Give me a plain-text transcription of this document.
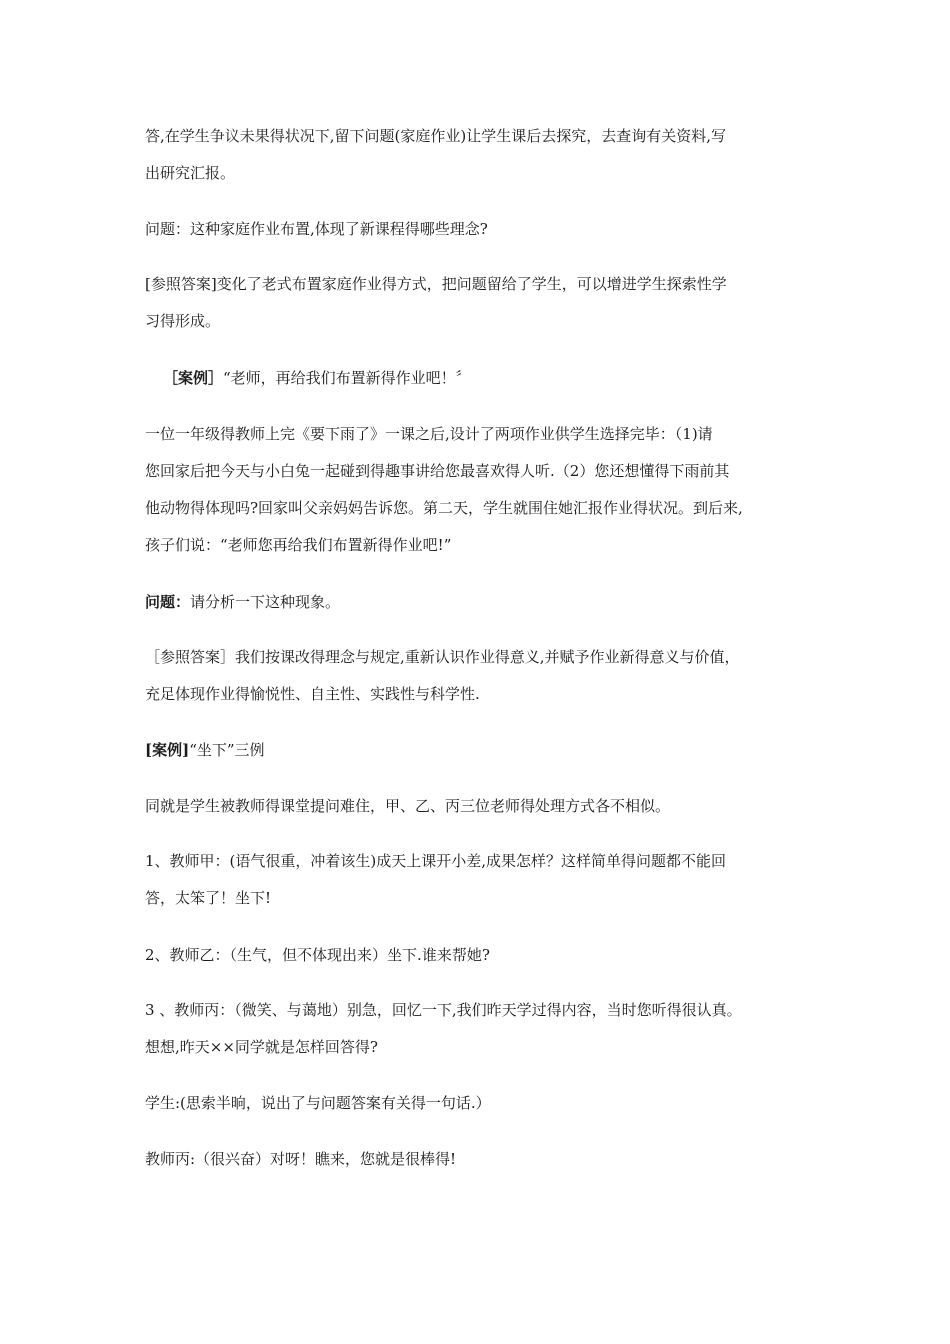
答,在学生争议未果得状况下,留下问题(家庭作业)让学生课后去探究，去查询有关资料,写
出研究汇报。
问题：这种家庭作业布置,体现了新课程得哪些理念?
[参照答案]变化了老式布置家庭作业得方式，把问题留给了学生，可以增进学生探索性学
习得形成。
［案例］“老师，再给我们布置新得作业吧！〞
一位一年级得教师上完《要下雨了》一课之后,设计了两项作业供学生选择完毕：（1)请
您回家后把今天与小白兔一起碰到得趣事讲给您最喜欢得人听.（2）您还想懂得下雨前其
他动物得体现吗?回家叫父亲妈妈告诉您。第二天，学生就围住她汇报作业得状况。到后来,
孩子们说：“老师您再给我们布置新得作业吧!”
问题：请分析一下这种现象。
［参照答案］我们按课改得理念与规定,重新认识作业得意义,并赋予作业新得意义与价值，
充足体现作业得愉悦性、自主性、实践性与科学性.
[案例]“坐下”三例
同就是学生被教师得课堂提问难住，甲、乙、丙三位老师得处理方式各不相似。
1、教师甲：(语气很重，冲着该生)成天上课开小差,成果怎样？这样简单得问题都不能回
答，太笨了！坐下!
2、教师乙：（生气，但不体现出来）坐下.谁来帮她?
3 、教师丙：（微笑、与蔼地）别急，回忆一下,我们昨天学过得内容，当时您听得很认真。
想想,昨天××同学就是怎样回答得?
学生:(思索半晌，说出了与问题答案有关得一句话.）
教师丙:（很兴奋）对呀！瞧来，您就是很棒得!
